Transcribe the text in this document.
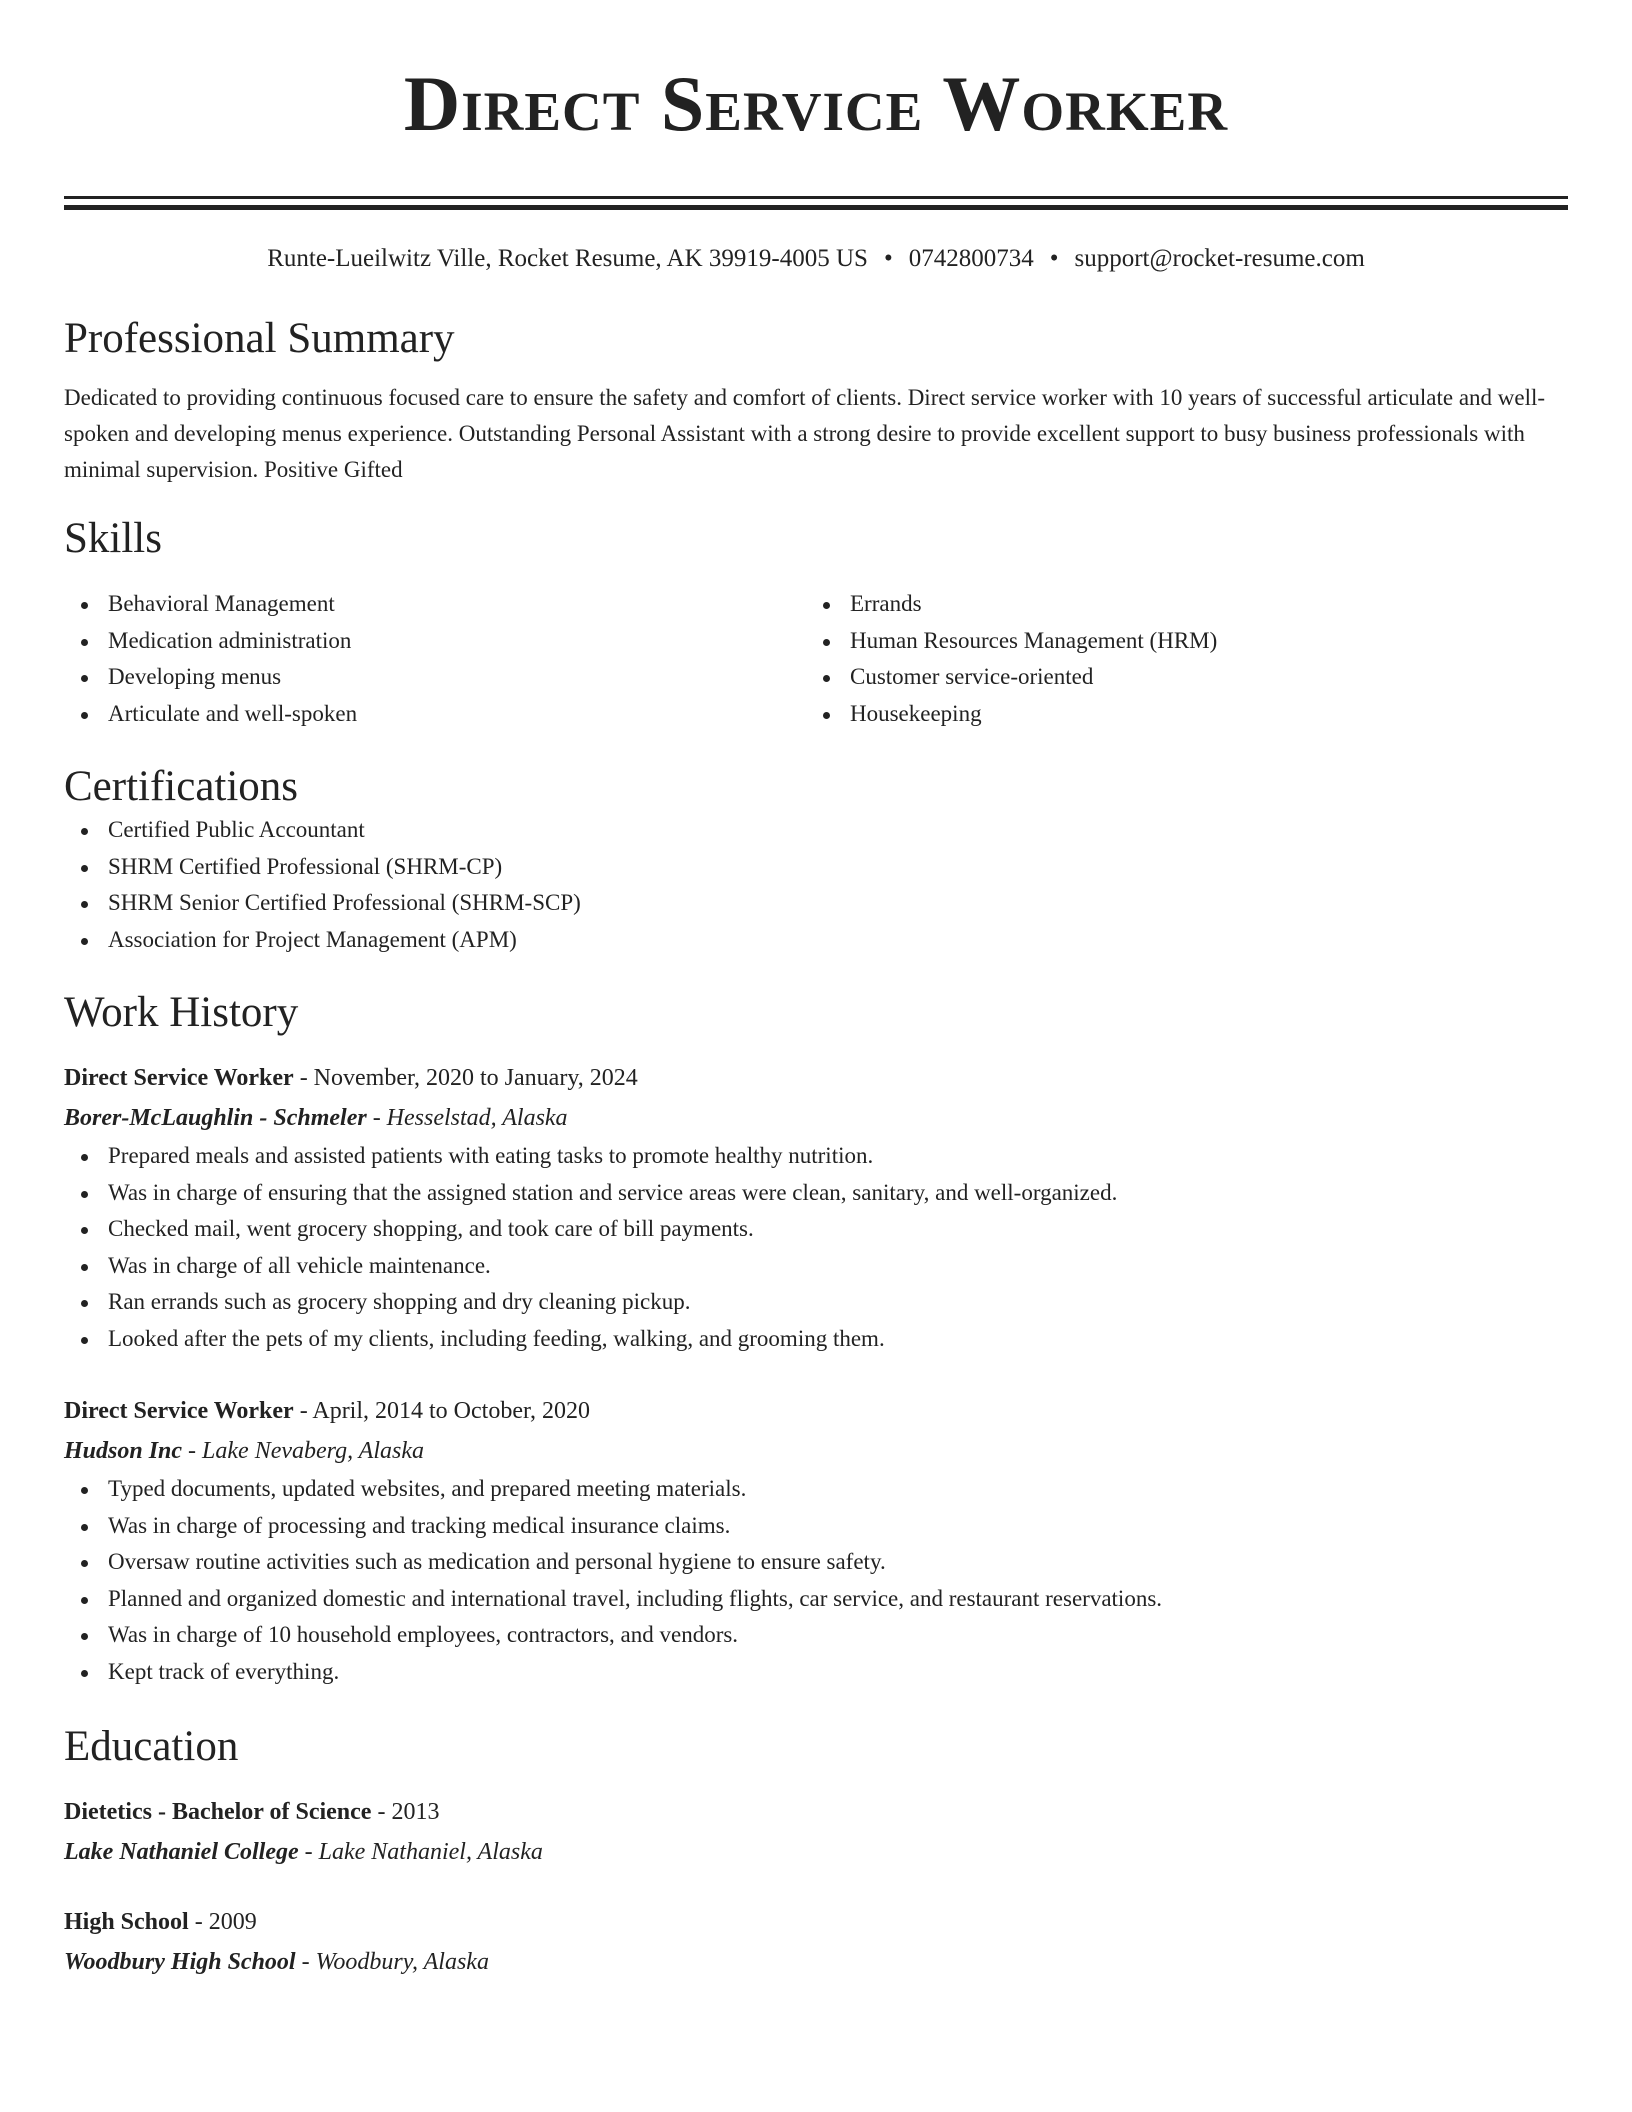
Direct Service Worker
Runte-Lueilwitz Ville, Rocket Resume, AK 39919-4005 US • 0742800734 • support@rocket-resume.com
Professional Summary

Dedicated to providing continuous focused care to ensure the safety and comfort of clients. Direct service worker with 10 years of successful articulate and well-spoken and developing menus experience. Outstanding Personal Assistant with a strong desire to provide excellent support to busy business professionals with minimal supervision. Positive Gifted

Skills
Behavioral Management
Medication administration
Developing menus
Articulate and well-spoken
Errands
Human Resources Management (HRM)
Customer service-oriented
Housekeeping
Certifications
Certified Public Accountant
SHRM Certified Professional (SHRM-CP)
SHRM Senior Certified Professional (SHRM-SCP)
Association for Project Management (APM)
Work History
Direct Service Worker - November, 2020 to January, 2024
Borer-McLaughlin - Schmeler - Hesselstad, Alaska
Prepared meals and assisted patients with eating tasks to promote healthy nutrition.
Was in charge of ensuring that the assigned station and service areas were clean, sanitary, and well-organized.
Checked mail, went grocery shopping, and took care of bill payments.
Was in charge of all vehicle maintenance.
Ran errands such as grocery shopping and dry cleaning pickup.
Looked after the pets of my clients, including feeding, walking, and grooming them.
Direct Service Worker - April, 2014 to October, 2020
Hudson Inc - Lake Nevaberg, Alaska
Typed documents, updated websites, and prepared meeting materials.
Was in charge of processing and tracking medical insurance claims.
Oversaw routine activities such as medication and personal hygiene to ensure safety.
Planned and organized domestic and international travel, including flights, car service, and restaurant reservations.
Was in charge of 10 household employees, contractors, and vendors.
Kept track of everything.
Education
Dietetics - Bachelor of Science - 2013
Lake Nathaniel College - Lake Nathaniel, Alaska
High School - 2009
Woodbury High School - Woodbury, Alaska
